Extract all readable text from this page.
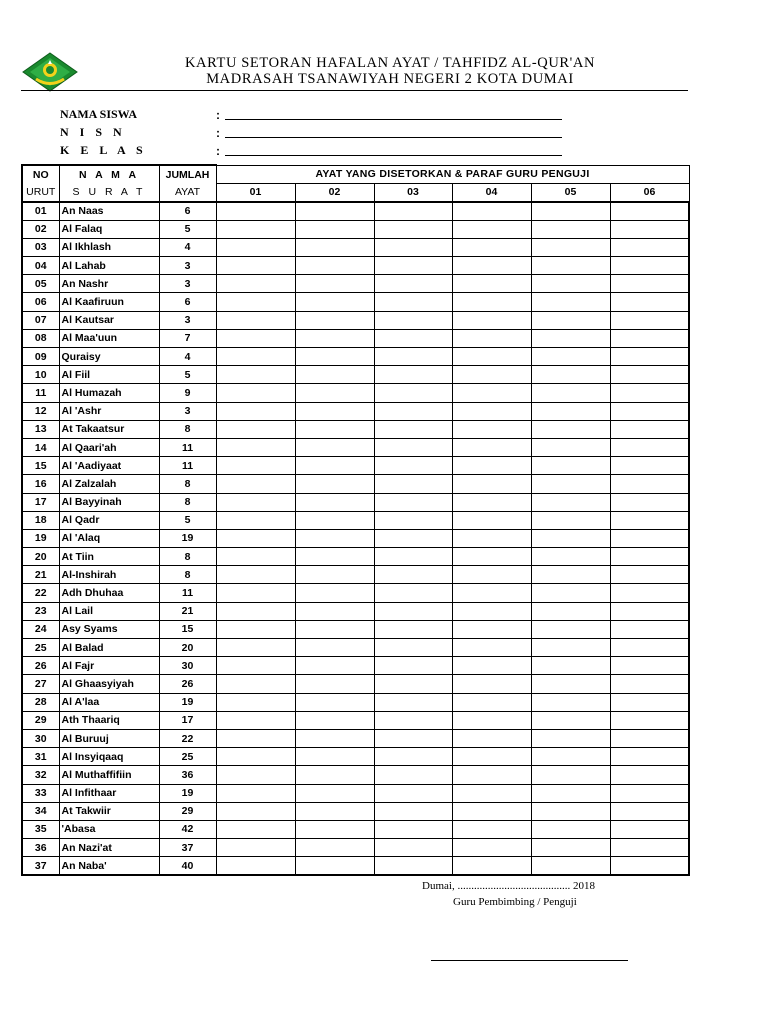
KARTU SETORAN HAFALAN AYAT / TAHFIDZ AL-QUR'AN
MADRASAH TSANAWIYAH NEGERI 2 KOTA DUMAI
NAMA SISWA	:
N I S N	:
K E L A S	:
NO	N A M A	JUMLAH	AYAT YANG DISETORKAN & PARAF GURU PENGUJI					
URUT	S U R A T	AYAT	01	02	03	04	05	06
01	An Naas	6						
02	Al Falaq	5						
03	Al Ikhlash	4						
04	Al Lahab	3						
05	An Nashr	3						
06	Al Kaafiruun	6						
07	Al Kautsar	3						
08	Al Maa'uun	7						
09	Quraisy	4						
10	Al Fiil	5						
11	Al Humazah	9						
12	Al 'Ashr	3						
13	At Takaatsur	8						
14	Al Qaari'ah	11						
15	Al 'Aadiyaat	11						
16	Al Zalzalah	8						
17	Al Bayyinah	8						
18	Al Qadr	5						
19	Al 'Alaq	19						
20	At Tiin	8						
21	Al-Inshirah	8						
22	Adh Dhuhaa	11						
23	Al Lail	21						
24	Asy Syams	15						
25	Al Balad	20						
26	Al Fajr	30						
27	Al Ghaasyiyah	26						
28	Al A'laa	19						
29	Ath Thaariq	17						
30	Al Buruuj	22						
31	Al Insyiqaaq	25						
32	Al Muthaffifiin	36						
33	Al Infithaar	19						
34	At Takwiir	29						
35	'Abasa	42						
36	An Nazi'at	37						
37	An Naba'	40						
Dumai, ......................................... 2018
Guru Pembimbing / Penguji
